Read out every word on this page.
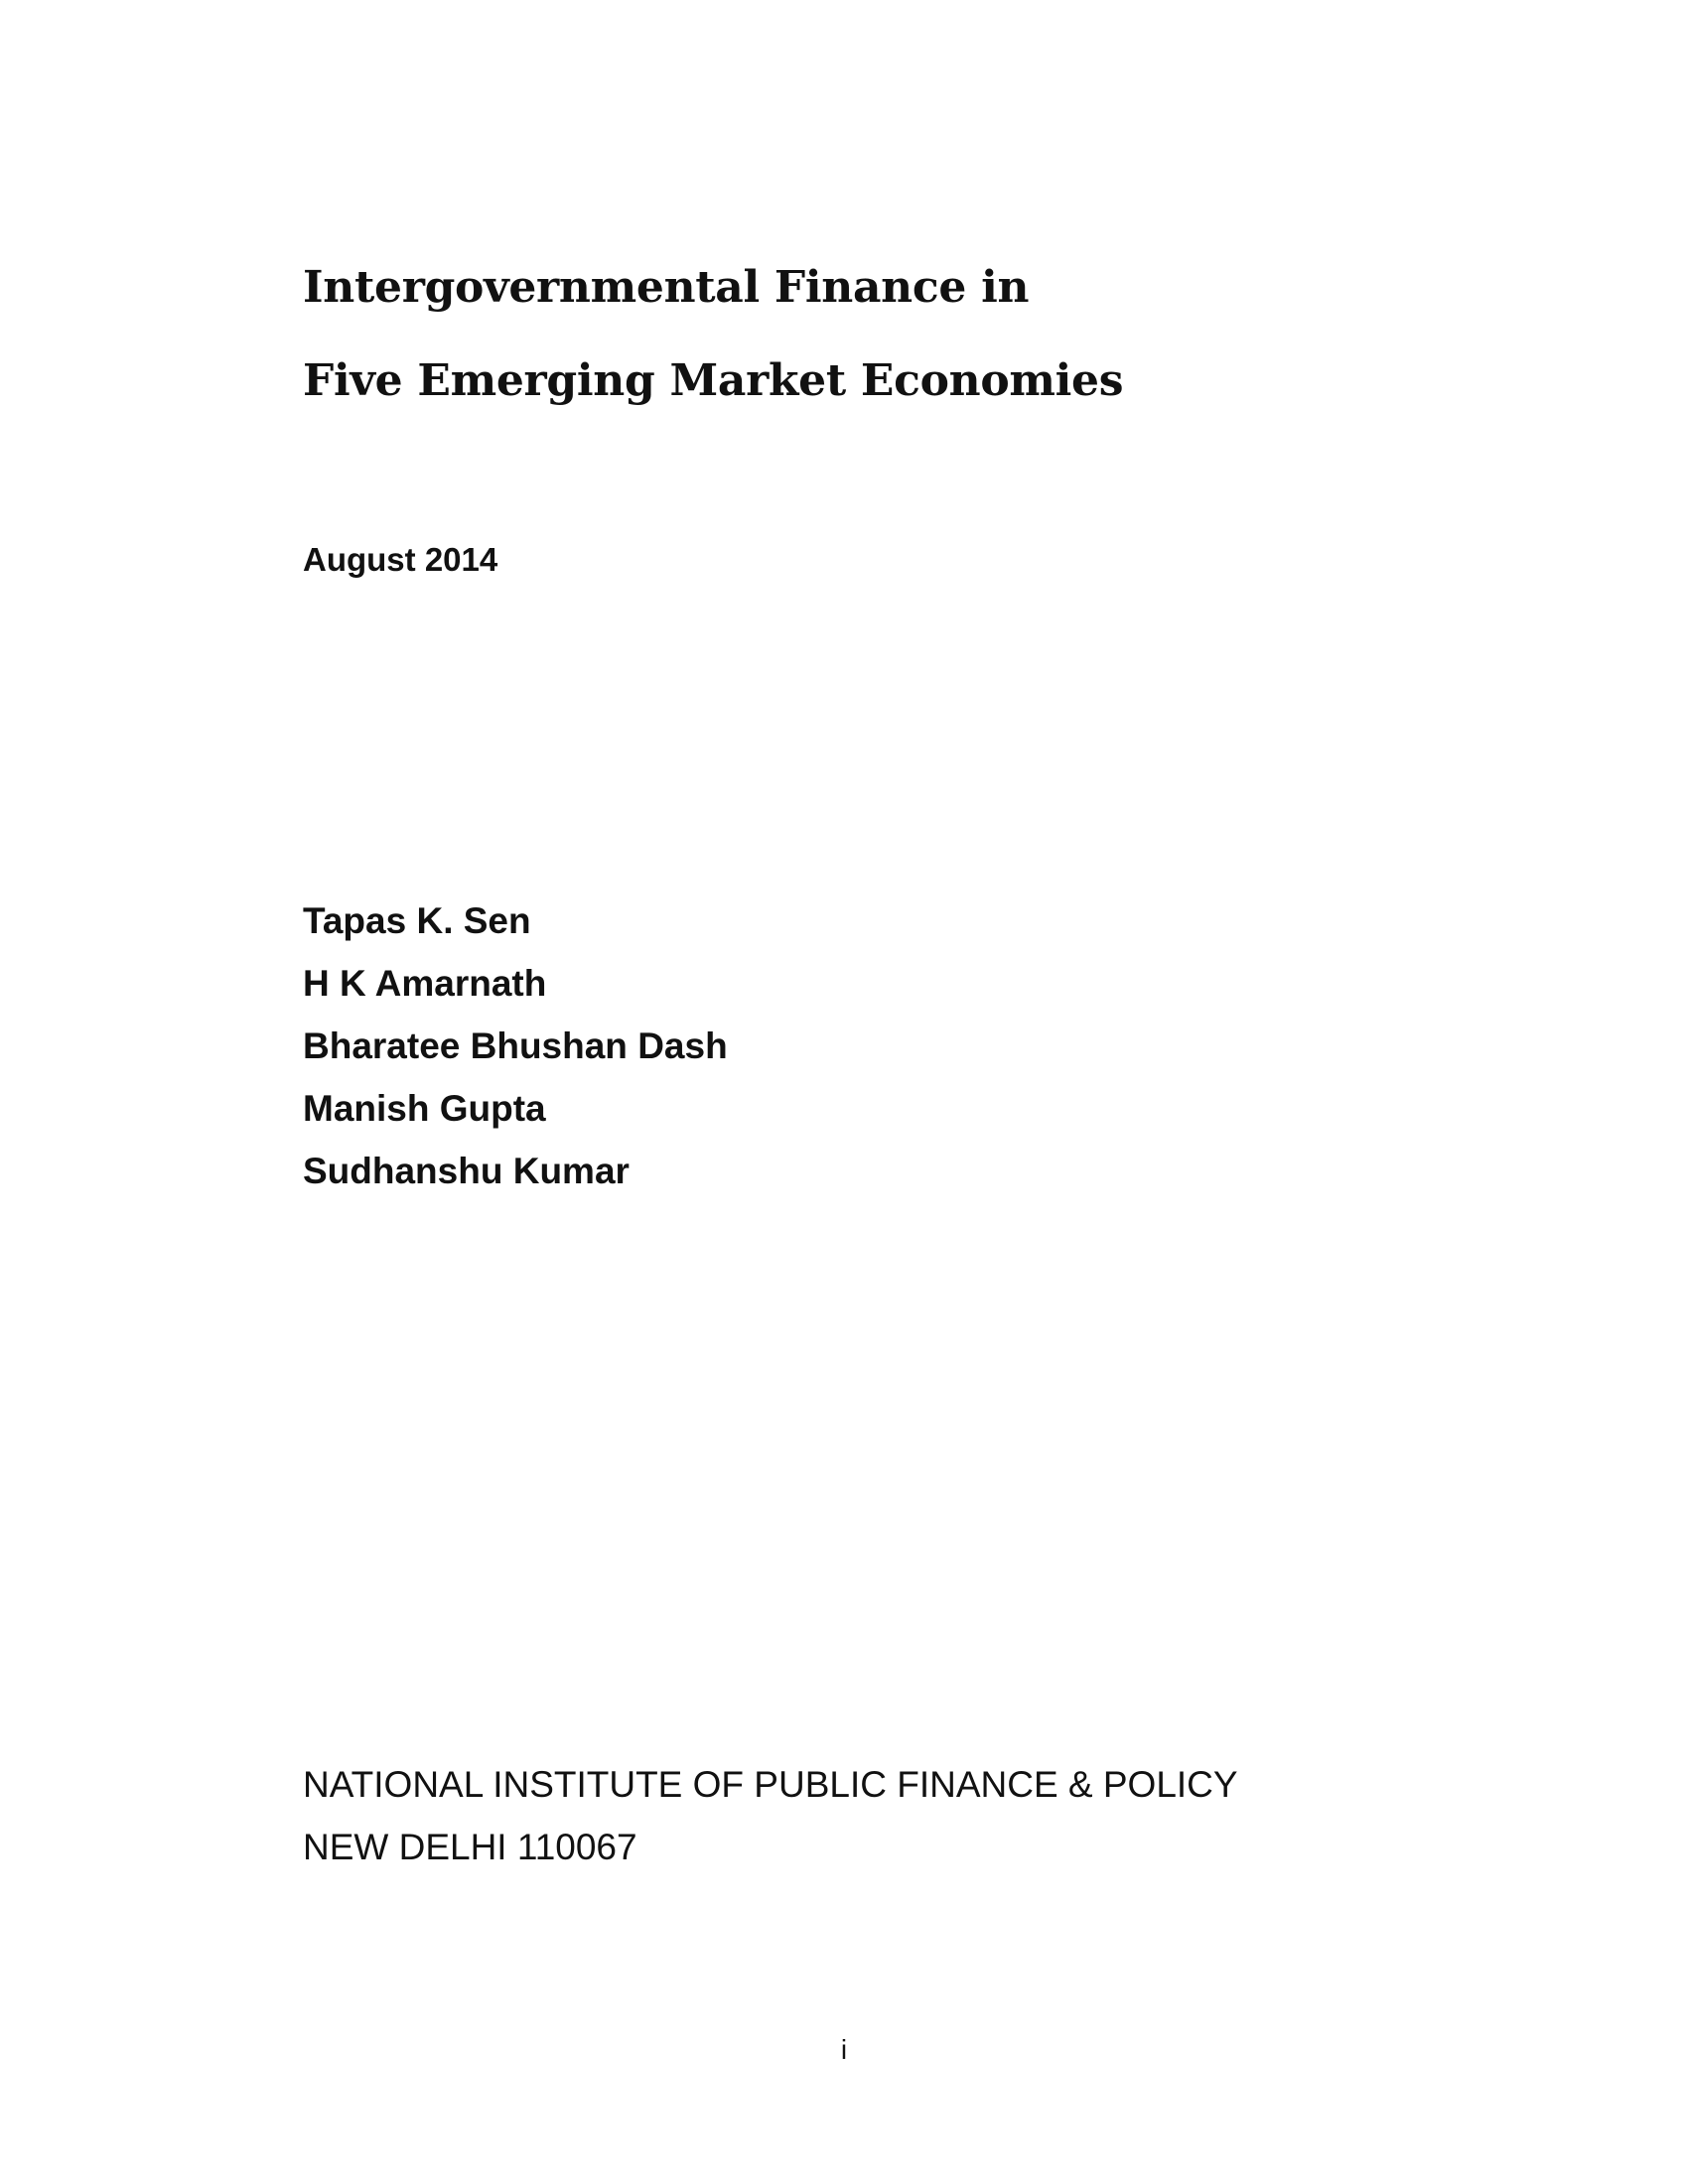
Intergovernmental Finance in
Five Emerging Market Economies

August 2014

Tapas K. Sen
H K Amarnath
Bharatee Bhushan Dash
Manish Gupta
Sudhanshu Kumar

NATIONAL INSTITUTE OF PUBLIC FINANCE & POLICY

NEW DELHI 110067

i
